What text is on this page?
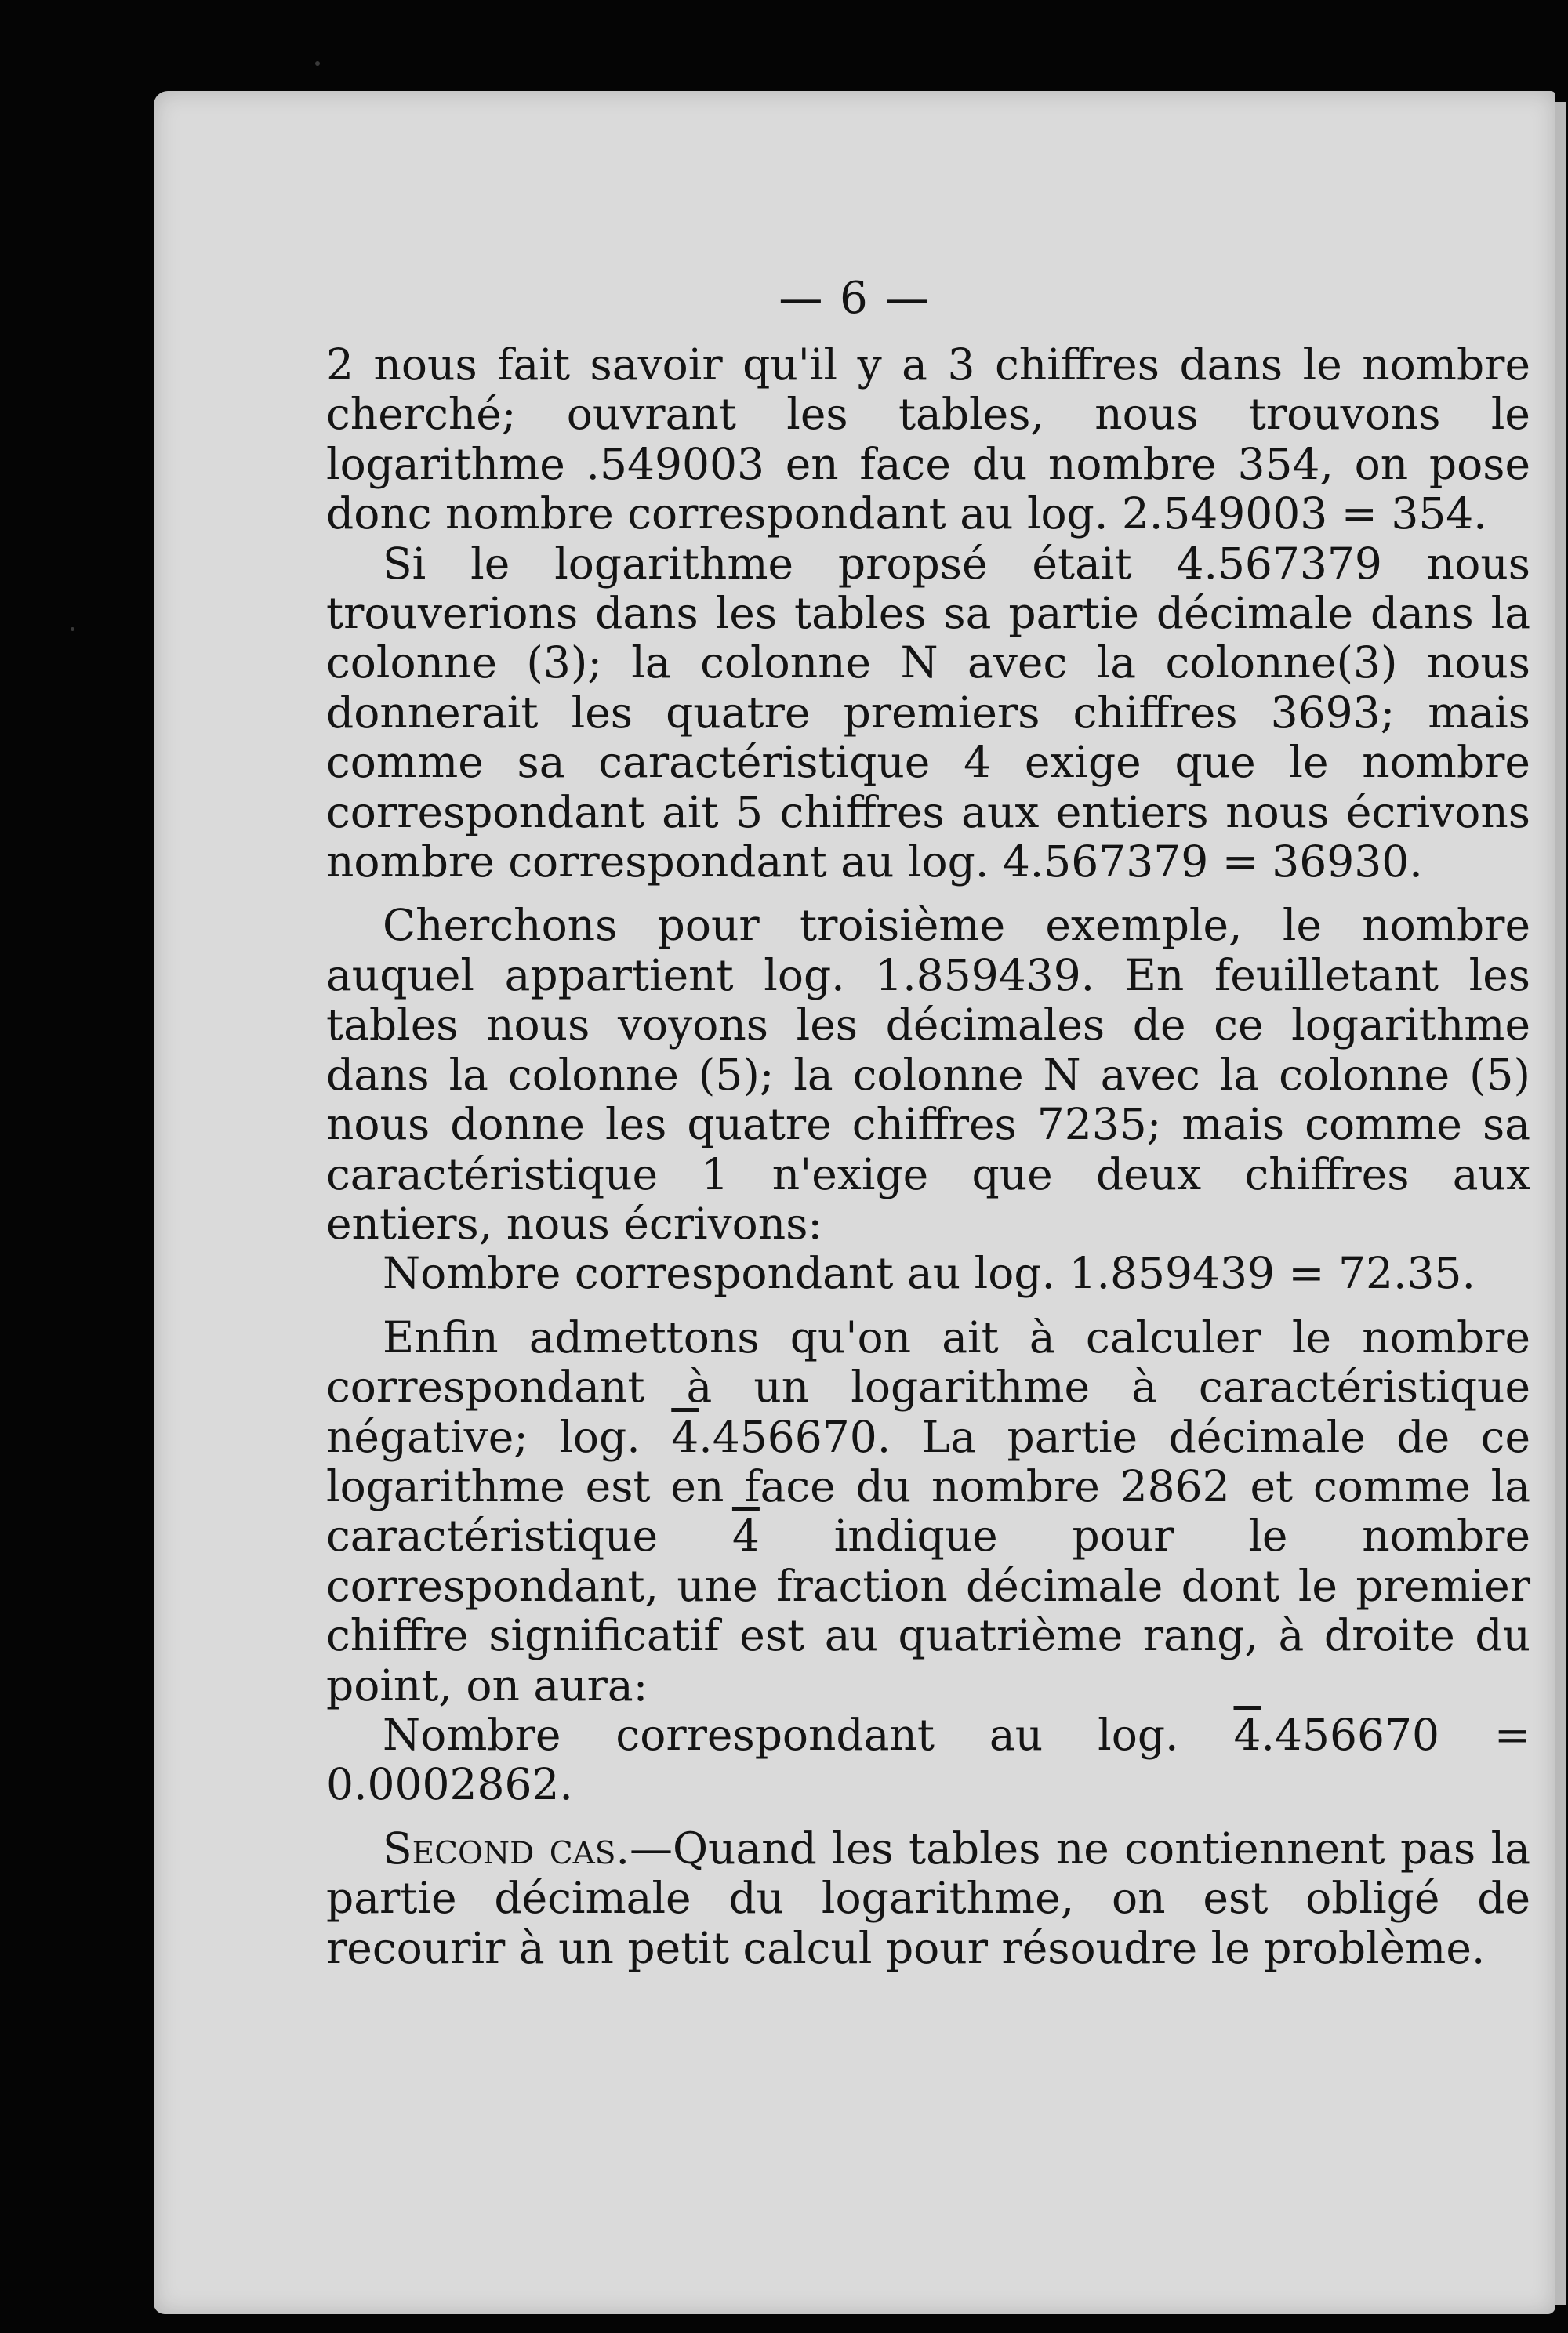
— 6 —

2 nous fait savoir qu'il y a 3 chiffres dans le nombre cherché; ouvrant les tables, nous trouvons le logarithme .549003 en face du nombre 354, on pose donc nombre correspondant au log. 2.549003 = 354.

Si le logarithme propsé était 4.567379 nous trouverions dans les tables sa partie décimale dans la colonne (3); la colonne N avec la colonne(3) nous donnerait les quatre premiers chiffres 3693; mais comme sa caractéristique 4 exige que le nombre correspondant ait 5 chiffres aux entiers nous écrivons nombre correspondant au log. 4.567379 = 36930.

Cherchons pour troisième exemple, le nombre auquel appartient log. 1.859439. En feuilletant les tables nous voyons les décimales de ce logarithme dans la colonne (5); la colonne N avec la colonne (5) nous donne les quatre chiffres 7235; mais comme sa caractéristique 1 n'exige que deux chiffres aux entiers, nous écrivons:

Nombre correspondant au log. 1.859439 = 72.35.

Enfin admettons qu'on ait à calculer le nombre correspondant à un logarithme à caractéristique négative; log. 4.456670. La partie décimale de ce logarithme est en face du nombre 2862 et comme la caractéristique 4 indique pour le nombre correspondant, une fraction décimale dont le premier chiffre significatif est au quatrième rang, à droite du point, on aura:

Nombre correspondant au log. 4.456670 = 0.0002862.

Second cas.—Quand les tables ne contiennent pas la partie décimale du logarithme, on est obligé de recourir à un petit calcul pour résoudre le problème.
